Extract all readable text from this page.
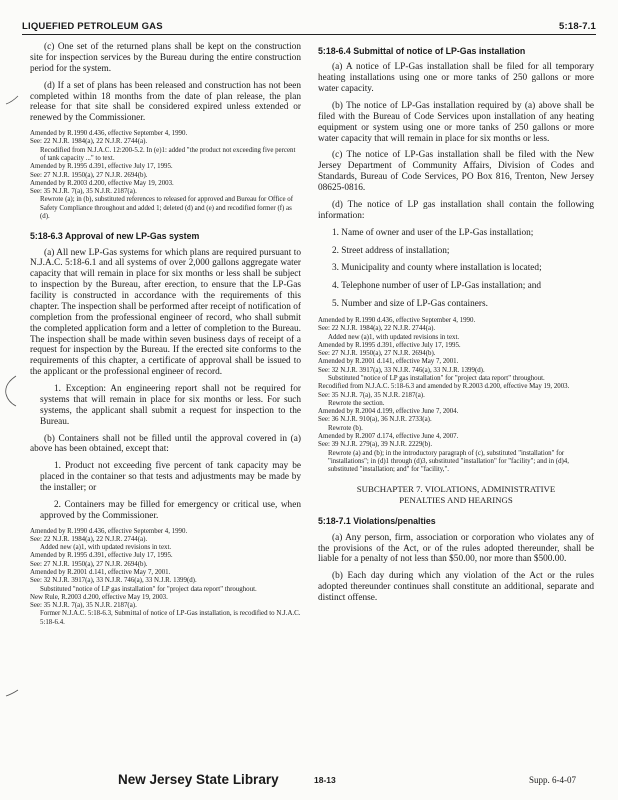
LIQUEFIED PETROLEUM GAS	5:18-7.1

(c) One set of the returned plans shall be kept on the construction site for inspection services by the Bureau during the entire construction period for the system.

(d) If a set of plans has been released and construction has not been completed within 18 months from the date of plan release, the plan release for that site shall be considered expired unless extended or renewed by the Commissioner.

Amended by R.1990 d.436, effective September 4, 1990.
See: 22 N.J.R. 1984(a), 22 N.J.R. 2744(a).
Recodified from N.J.A.C. 12:200-5.2. In (e)1: added "the product not exceeding five percent of tank capacity ..." to text.
Amended by R.1995 d.391, effective July 17, 1995.
See: 27 N.J.R. 1950(a), 27 N.J.R. 2694(b).
Amended by R.2003 d.200, effective May 19, 2003.
See: 35 N.J.R. 7(a), 35 N.J.R. 2187(a).
Rewrote (a); in (b), substituted references to released for approved and Bureau for Office of Safety Compliance throughout and added 1; deleted (d) and (e) and recodified former (f) as (d).
5:18-6.3 Approval of new LP-Gas system

(a) All new LP-Gas systems for which plans are required pursuant to N.J.A.C. 5:18-6.1 and all systems of over 2,000 gallons aggregate water capacity that will remain in place for six months or less shall be subject to inspection by the Bureau, after erection, to ensure that the LP-Gas facility is constructed in accordance with the requirements of this chapter. The inspection shall be performed after receipt of notification of completion from the professional engineer of record, who shall submit the completed application form and a letter of completion to the Bureau. The inspection shall be made within seven business days of receipt of a request for inspection by the Bureau. If the erected site conforms to the requirements of this chapter, a certificate of approval shall be issued to the applicant or the professional engineer of record.

1. Exception: An engineering report shall not be required for systems that will remain in place for six months or less. For such systems, the applicant shall submit a request for inspection to the Bureau.

(b) Containers shall not be filled until the approval covered in (a) above has been obtained, except that:

1. Product not exceeding five percent of tank capacity may be placed in the container so that tests and adjustments may be made by the installer; or

2. Containers may be filled for emergency or critical use, when approved by the Commissioner.

Amended by R.1990 d.436, effective September 4, 1990.
See: 22 N.J.R. 1984(a), 22 N.J.R. 2744(a).
Added new (a)1, with updated revisions in text.
Amended by R.1995 d.391, effective July 17, 1995.
See: 27 N.J.R. 1950(a), 27 N.J.R. 2694(b).
Amended by R.2001 d.141, effective May 7, 2001.
See: 32 N.J.R. 3917(a), 33 N.J.R. 746(a), 33 N.J.R. 1399(d).
Substituted "notice of LP gas installation" for "project data report" throughout.
New Rule, R.2003 d.200, effective May 19, 2003.
See: 35 N.J.R. 7(a), 35 N.J.R. 2187(a).
Former N.J.A.C. 5:18-6.3, Submittal of notice of LP-Gas installation, is recodified to N.J.A.C. 5:18-6.4.
5:18-6.4 Submittal of notice of LP-Gas installation

(a) A notice of LP-Gas installation shall be filed for all temporary heating installations using one or more tanks of 250 gallons or more water capacity.

(b) The notice of LP-Gas installation required by (a) above shall be filed with the Bureau of Code Services upon installation of any heating equipment or system using one or more tanks of 250 gallons or more water capacity that will remain in place for six months or less.

(c) The notice of LP-Gas installation shall be filed with the New Jersey Department of Community Affairs, Division of Codes and Standards, Bureau of Code Services, PO Box 816, Trenton, New Jersey 08625-0816.

(d) The notice of LP gas installation shall contain the following information:

1. Name of owner and user of the LP-Gas installation;

2. Street address of installation;

3. Municipality and county where installation is located;

4. Telephone number of user of LP-Gas installation; and

5. Number and size of LP-Gas containers.

Amended by R.1990 d.436, effective September 4, 1990.
See: 22 N.J.R. 1984(a), 22 N.J.R. 2744(a).
Added new (a)1, with updated revisions in text.
Amended by R.1995 d.391, effective July 17, 1995.
See: 27 N.J.R. 1950(a), 27 N.J.R. 2694(b).
Amended by R.2001 d.141, effective May 7, 2001.
See: 32 N.J.R. 3917(a), 33 N.J.R. 746(a), 33 N.J.R. 1399(d).
Substituted "notice of LP gas installation" for "project data report" throughout.
Recodified from N.J.A.C. 5:18-6.3 and amended by R.2003 d.200, effective May 19, 2003.
See: 35 N.J.R. 7(a), 35 N.J.R. 2187(a).
Rewrote the section.
Amended by R.2004 d.199, effective June 7, 2004.
See: 36 N.J.R. 910(a), 36 N.J.R. 2733(a).
Rewrote (b).
Amended by R.2007 d.174, effective June 4, 2007.
See: 39 N.J.R. 279(a), 39 N.J.R. 2229(b).
Rewrote (a) and (b); in the introductory paragraph of (c), substituted "installation" for "installations"; in (d)1 through (d)3, substituted "installation" for "facility"; and in (d)4, substituted "installation; and" for "facility,".
SUBCHAPTER 7. VIOLATIONS, ADMINISTRATIVE
PENALTIES AND HEARINGS
5:18-7.1 Violations/penalties

(a) Any person, firm, association or corporation who violates any of the provisions of the Act, or of the rules adopted thereunder, shall be liable for a penalty of not less than $50.00, nor more than $500.00.

(b) Each day during which any violation of the Act or the rules adopted thereunder continues shall constitute an additional, separate and distinct offense.

New Jersey State Library	18-13	Supp. 6-4-07
